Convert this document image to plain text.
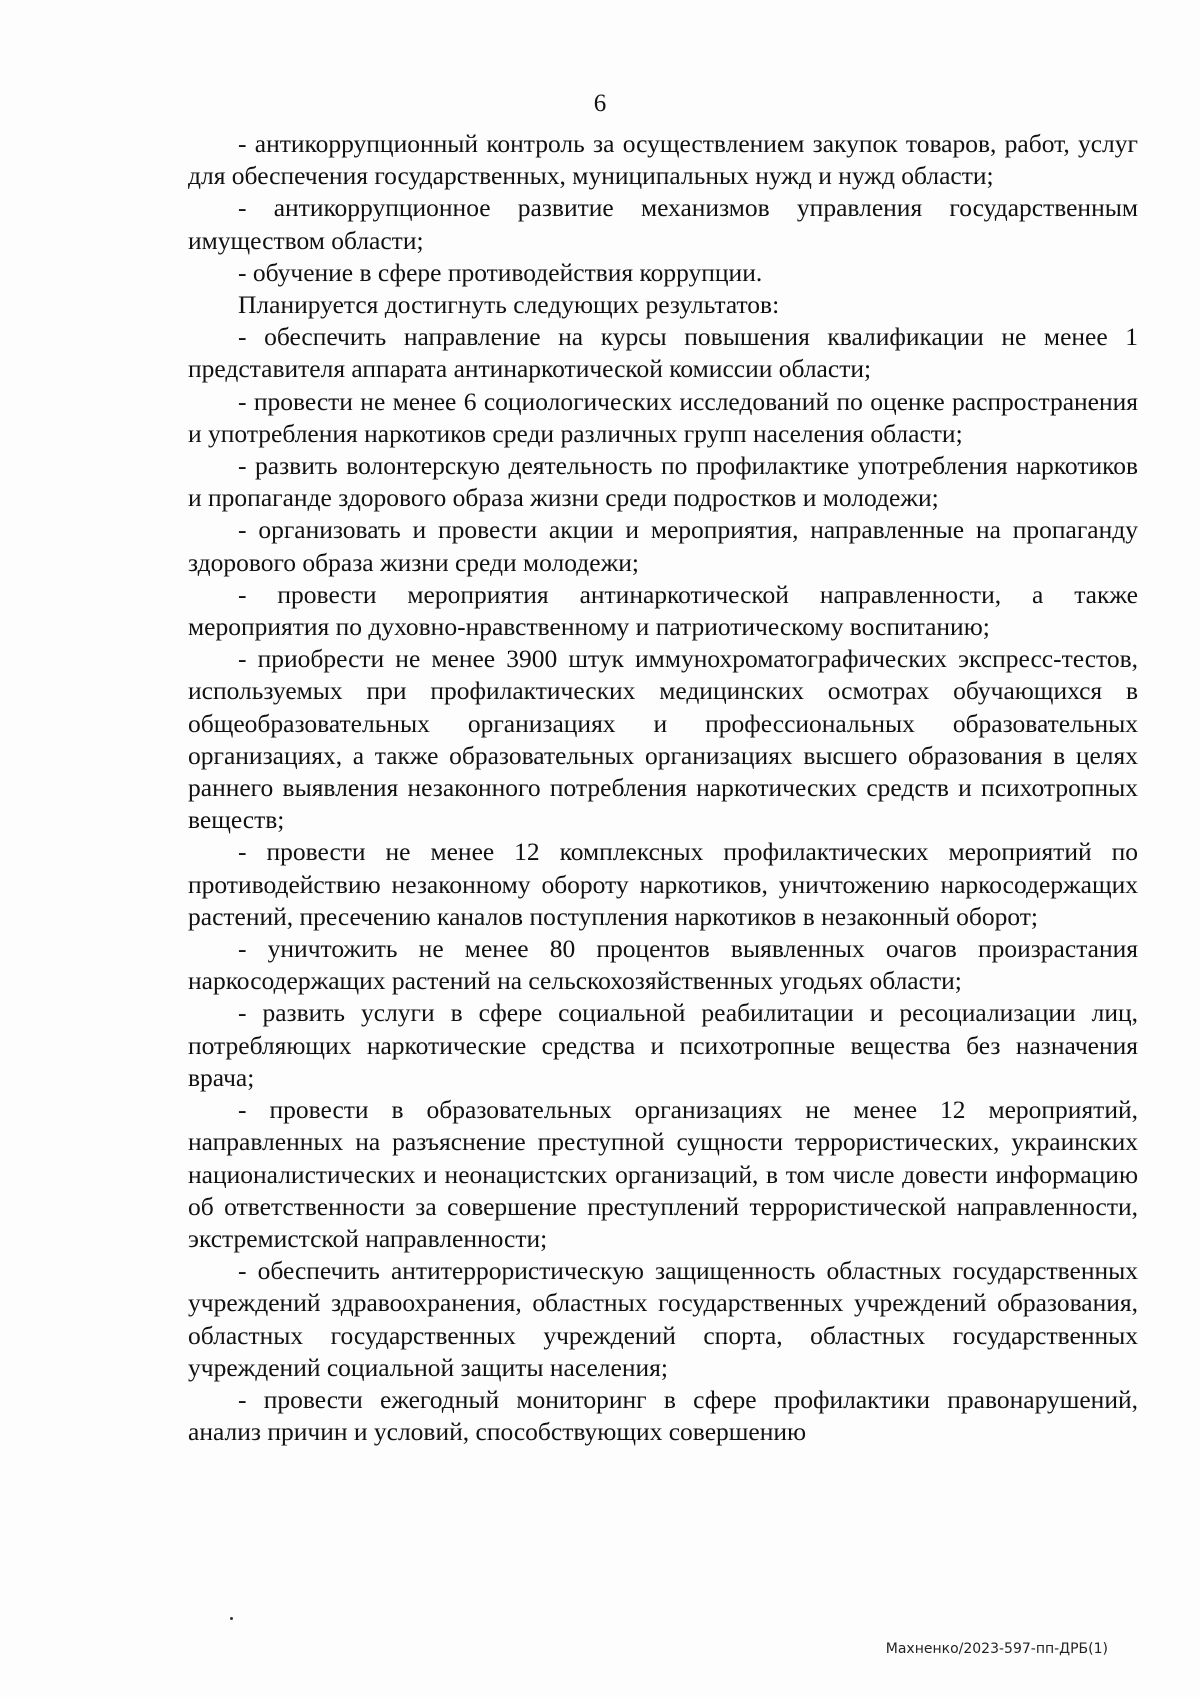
6

- антикоррупционный контроль за осуществлением закупок товаров, работ, услуг для обеспечения государственных, муниципальных нужд и нужд области;

- антикоррупционное развитие механизмов управления государственным имуществом области;

- обучение в сфере противодействия коррупции.

Планируется достигнуть следующих результатов:

- обеспечить направление на курсы повышения квалификации не менее 1 представителя аппарата антинаркотической комиссии области;

- провести не менее 6 социологических исследований по оценке распространения и употребления наркотиков среди различных групп населения области;

- развить волонтерскую деятельность по профилактике употребления наркотиков и пропаганде здорового образа жизни среди подростков и молодежи;

- организовать и провести акции и мероприятия, направленные на пропаганду здорового образа жизни среди молодежи;

- провести мероприятия антинаркотической направленности, а также мероприятия по духовно-нравственному и патриотическому воспитанию;

- приобрести не менее 3900 штук иммунохроматографических экспресс-тестов, используемых при профилактических медицинских осмотрах обучающихся в общеобразовательных организациях и профессиональных образовательных организациях, а также образовательных организациях высшего образования в целях раннего выявления незаконного потребления наркотических средств и психотропных веществ;

- провести не менее 12 комплексных профилактических мероприятий по противодействию незаконному обороту наркотиков, уничтожению наркосодержащих растений, пресечению каналов поступления наркотиков в незаконный оборот;

- уничтожить не менее 80 процентов выявленных очагов произрастания наркосодержащих растений на сельскохозяйственных угодьях области;

- развить услуги в сфере социальной реабилитации и ресоциализации лиц, потребляющих наркотические средства и психотропные вещества без назначения врача;

- провести в образовательных организациях не менее 12 мероприятий, направленных на разъяснение преступной сущности террористических, украинских националистических и неонацистских организаций, в том числе довести информацию об ответственности за совершение преступлений террористической направленности, экстремистской направленности;

- обеспечить антитеррористическую защищенность областных государственных учреждений здравоохранения, областных государственных учреждений образования, областных государственных учреждений спорта, областных государственных учреждений социальной защиты населения;

- провести ежегодный мониторинг в сфере профилактики правонарушений, анализ причин и условий, способствующих совершению

Махненко/2023-597-пп-ДРБ(1)
